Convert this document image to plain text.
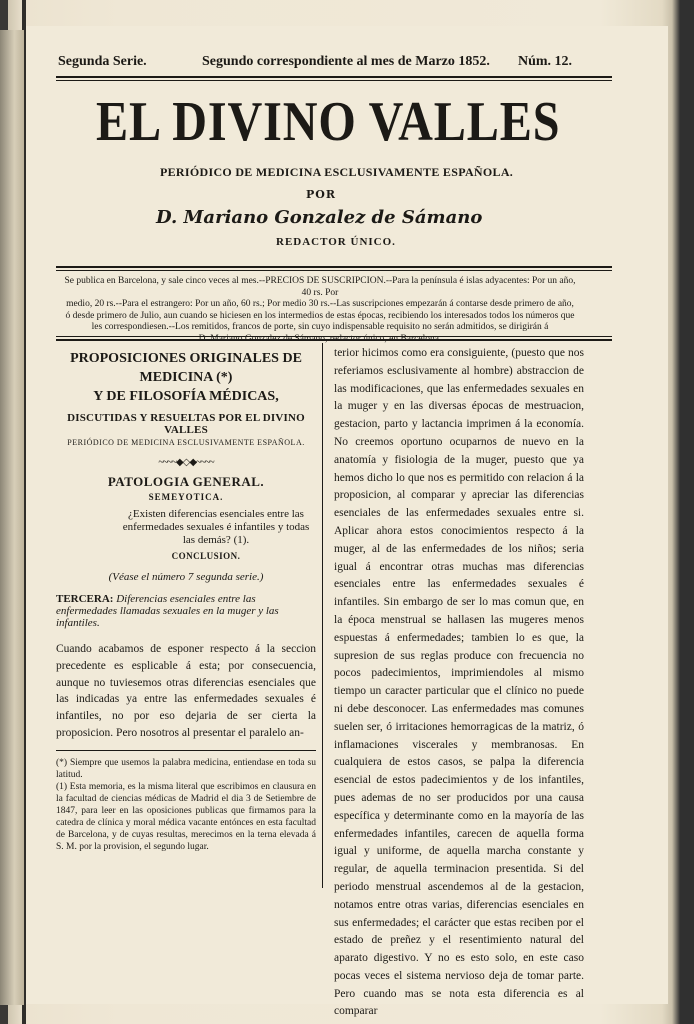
Segunda Serie.	Segundo correspondiente al mes de Marzo 1852. Núm. 12.
EL DIVINO VALLES
PERIÓDICO DE MEDICINA ESCLUSIVAMENTE ESPAÑOLA.
POR
D. Mariano Gonzalez de Sámano
REDACTOR ÚNICO.
Se publica en Barcelona, y sale cinco veces al mes.--PRECIOS DE SUSCRIPCION.--Para la península é islas adyacentes: Por un año, 40 rs. Por
medio, 20 rs.--Para el estrangero: Por un año, 60 rs.; Por medio 30 rs.--Las suscripciones empezarán á contarse desde primero de año,
ó desde primero de Julio, aun cuando se hiciesen en los intermedios de estas épocas, recibiendo los interesados todos los números que
les correspondiesen.--Los remitidos, francos de porte, sin cuyo indispensable requisito no serán admitidos, se dirigirán á
PROPOSICIONES ORIGINALES DE MEDICINA (*)
Y DE FILOSOFÍA MÉDICAS,
DISCUTIDAS Y RESUELTAS POR EL DIVINO VALLES
PERIÓDICO DE MEDICINA ESCLUSIVAMENTE ESPAÑOLA.
~~~~◆◇◆~~~~
PATOLOGIA GENERAL.
SEMEYOTICA.
¿Existen diferencias esenciales entre las enfermedades sexuales é infantiles y todas las demás? (1).
CONCLUSION.
(Véase el número 7 segunda serie.)

TERCERA: Diferencias esenciales entre las enfermedades llamadas sexuales en la muger y las infantiles.

Cuando acabamos de esponer respecto á la seccion precedente es esplicable á esta; por consecuencia, aunque no tuviesemos otras diferencias esenciales que las indicadas ya entre las enfermedades sexuales é infantiles, no por eso dejaria de ser cierta la proposicion. Pero nosotros al presentar el paralelo an-

(*) Siempre que usemos la palabra medicina, entiendase en toda su latitud.

(1) Esta memoria, es la misma literal que escribimos en clausura en la facultad de ciencias médicas de Madrid el dia 3 de Setiembre de 1847, para leer en las oposiciones publicas que firmamos para la catedra de clínica y moral médica vacante entónces en esta facultad de Barcelona, y de cuyas resultas, merecimos en la terna elevada á S. M. por la provision, el segundo lugar.

terior hicimos como era consiguiente, (puesto que nos referiamos esclusivamente al hombre) abstraccion de las modificaciones, que las enfermedades sexuales en la muger y en las diversas épocas de mestruacion, gestacion, parto y lactancia imprimen á la economía. No creemos oportuno ocuparnos de nuevo en la anatomía y fisiologia de la muger, puesto que ya hemos dicho lo que nos es permitido con relacion á la proposicion, al comparar y apreciar las diferencias esenciales de las enfermedades sexuales entre si. Aplicar ahora estos conocimientos respecto á la muger, al de las enfermedades de los niños; seria igual á encontrar otras muchas mas diferencias esenciales entre las enfermedades sexuales é infantiles. Sin embargo de ser lo mas comun que, en la época menstrual se hallasen las mugeres menos espuestas á enfermedades; tambien lo es que, la supresion de sus reglas produce con frecuencia no pocos padecimientos, imprimiendoles al mismo tiempo un caracter particular que el clínico no puede ni debe desconocer. Las enfermedades mas comunes suelen ser, ó irritaciones hemorragicas de la matriz, ó inflamaciones viscerales y membranosas. En cualquiera de estos casos, se palpa la diferencia esencial de estos padecimientos y de los infantiles, pues ademas de no ser producidos por una causa específica y determinante como en la mayoría de las enfermedades infantiles, carecen de aquella forma igual y uniforme, de aquella marcha constante y regular, de aquella terminacion presentida. Si del periodo menstrual ascendemos al de la gestacion, notamos entre otras varias, diferencias esenciales en sus enfermedades; el carácter que estas reciben por el estado de preñez y el resentimiento natural del aparato digestivo. Y no es esto solo, en este caso pocas veces el sistema nervioso deja de tomar parte. Pero cuando mas se nota esta diferencia es al comparar
